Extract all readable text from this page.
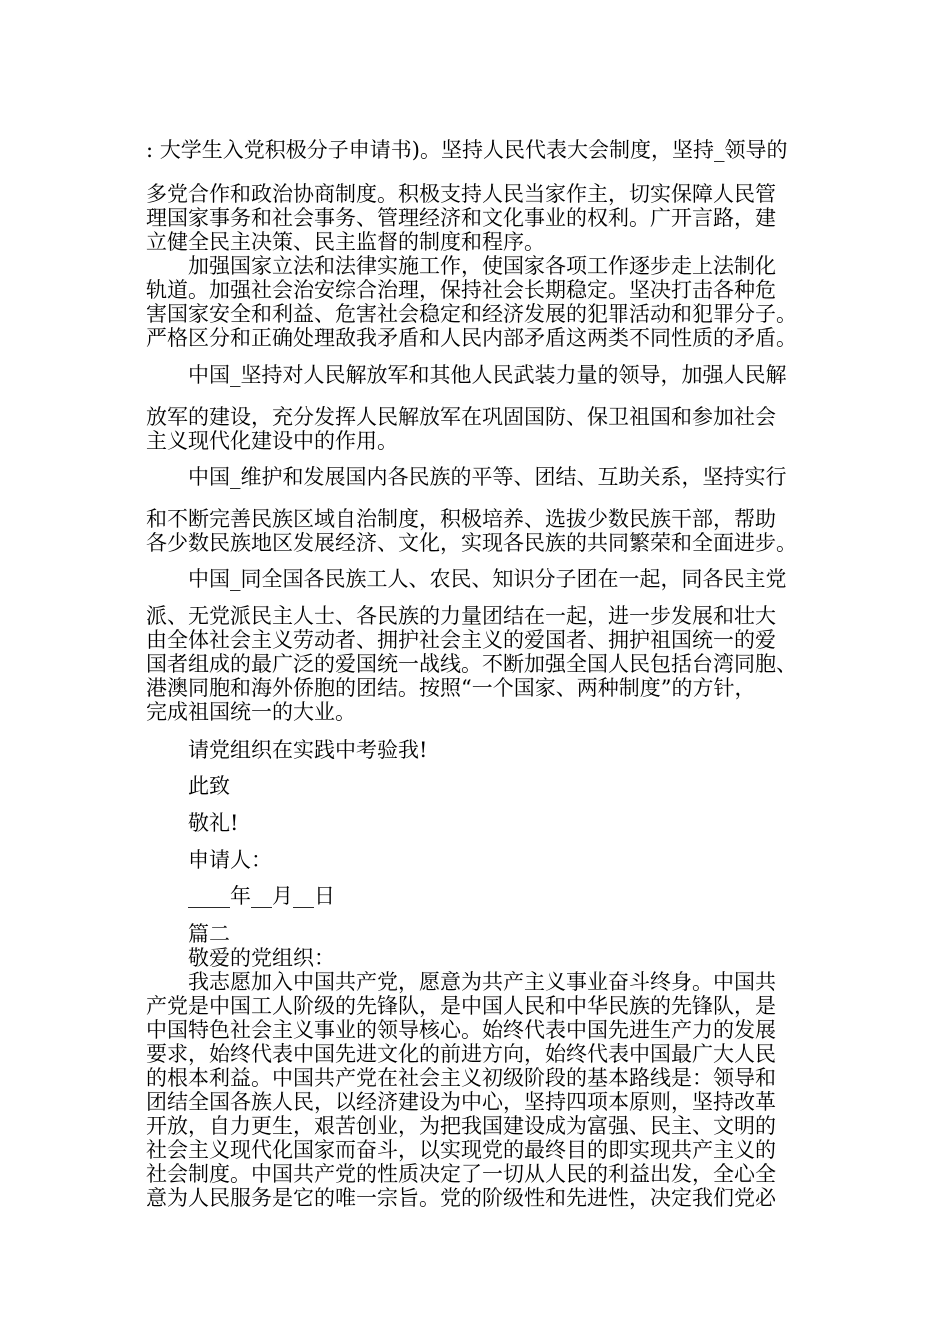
: 大学生入党积极分子申请书)。坚持人民代表大会制度，坚持_领导的
多党合作和政治协商制度。积极支持人民当家作主，切实保障人民管
理国家事务和社会事务、管理经济和文化事业的权利。广开言路，建
立健全民主决策、民主监督的制度和程序。
加强国家立法和法律实施工作，使国家各项工作逐步走上法制化
轨道。加强社会治安综合治理，保持社会长期稳定。坚决打击各种危
害国家安全和利益、危害社会稳定和经济发展的犯罪活动和犯罪分子。
严格区分和正确处理敌我矛盾和人民内部矛盾这两类不同性质的矛盾。
中国_坚持对人民解放军和其他人民武装力量的领导，加强人民解
放军的建设，充分发挥人民解放军在巩固国防、保卫祖国和参加社会
主义现代化建设中的作用。
中国_维护和发展国内各民族的平等、团结、互助关系，坚持实行
和不断完善民族区域自治制度，积极培养、选拔少数民族干部，帮助
各少数民族地区发展经济、文化，实现各民族的共同繁荣和全面进步。
中国_同全国各民族工人、农民、知识分子团在一起，同各民主党
派、无党派民主人士、各民族的力量团结在一起，进一步发展和壮大
由全体社会主义劳动者、拥护社会主义的爱国者、拥护祖国统一的爱
国者组成的最广泛的爱国统一战线。不断加强全国人民包括台湾同胞、
港澳同胞和海外侨胞的团结。按照“一个国家、两种制度”的方针，
完成祖国统一的大业。
请党组织在实践中考验我!
此致
敬礼!
申请人：
____年__月__日
篇二
敬爱的党组织：
我志愿加入中国共产党，愿意为共产主义事业奋斗终身。中国共
产党是中国工人阶级的先锋队，是中国人民和中华民族的先锋队，是
中国特色社会主义事业的领导核心。始终代表中国先进生产力的发展
要求，始终代表中国先进文化的前进方向，始终代表中国最广大人民
的根本利益。中国共产党在社会主义初级阶段的基本路线是：领导和
团结全国各族人民，以经济建设为中心，坚持四项本原则，坚持改革
开放，自力更生，艰苦创业，为把我国建设成为富强、民主、文明的
社会主义现代化国家而奋斗，以实现党的最终目的即实现共产主义的
社会制度。中国共产党的性质决定了一切从人民的利益出发，全心全
意为人民服务是它的唯一宗旨。党的阶级性和先进性，决定我们党必
